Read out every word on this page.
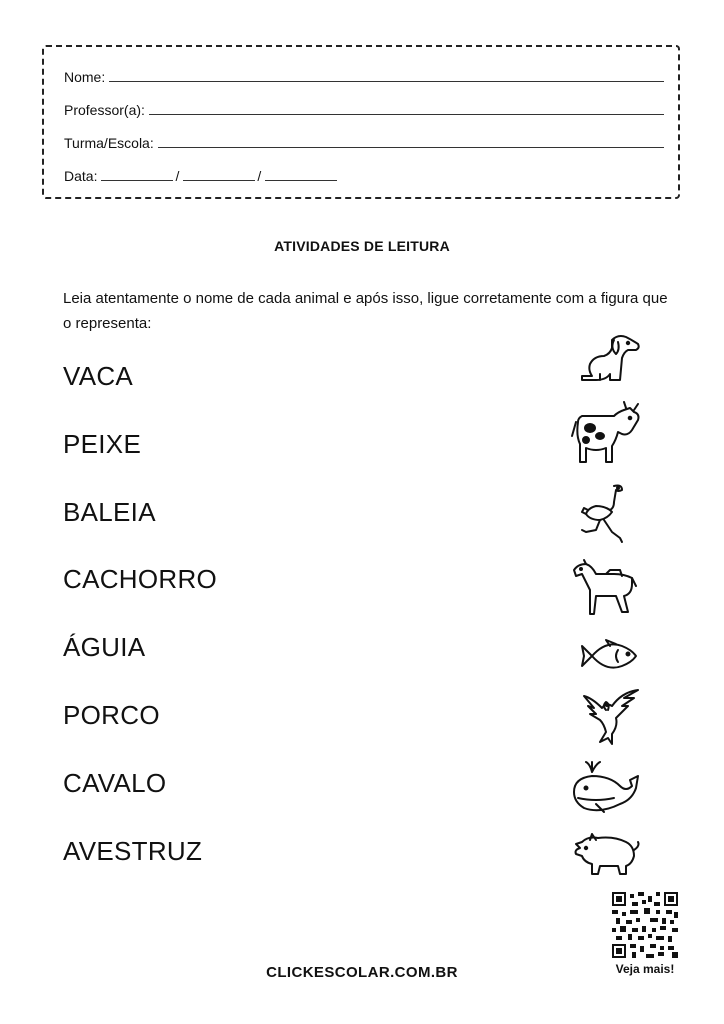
Nome:
Professor(a):
Turma/Escola:
Data:	/	/
ATIVIDADES DE LEITURA
Leia atentamente o nome de cada animal e após isso, ligue corretamente com a figura que o representa:
VACA
PEIXE
BALEIA
CACHORRO
ÁGUIA
PORCO
CAVALO
AVESTRUZ
Veja mais!
CLICKESCOLAR.COM.BR
